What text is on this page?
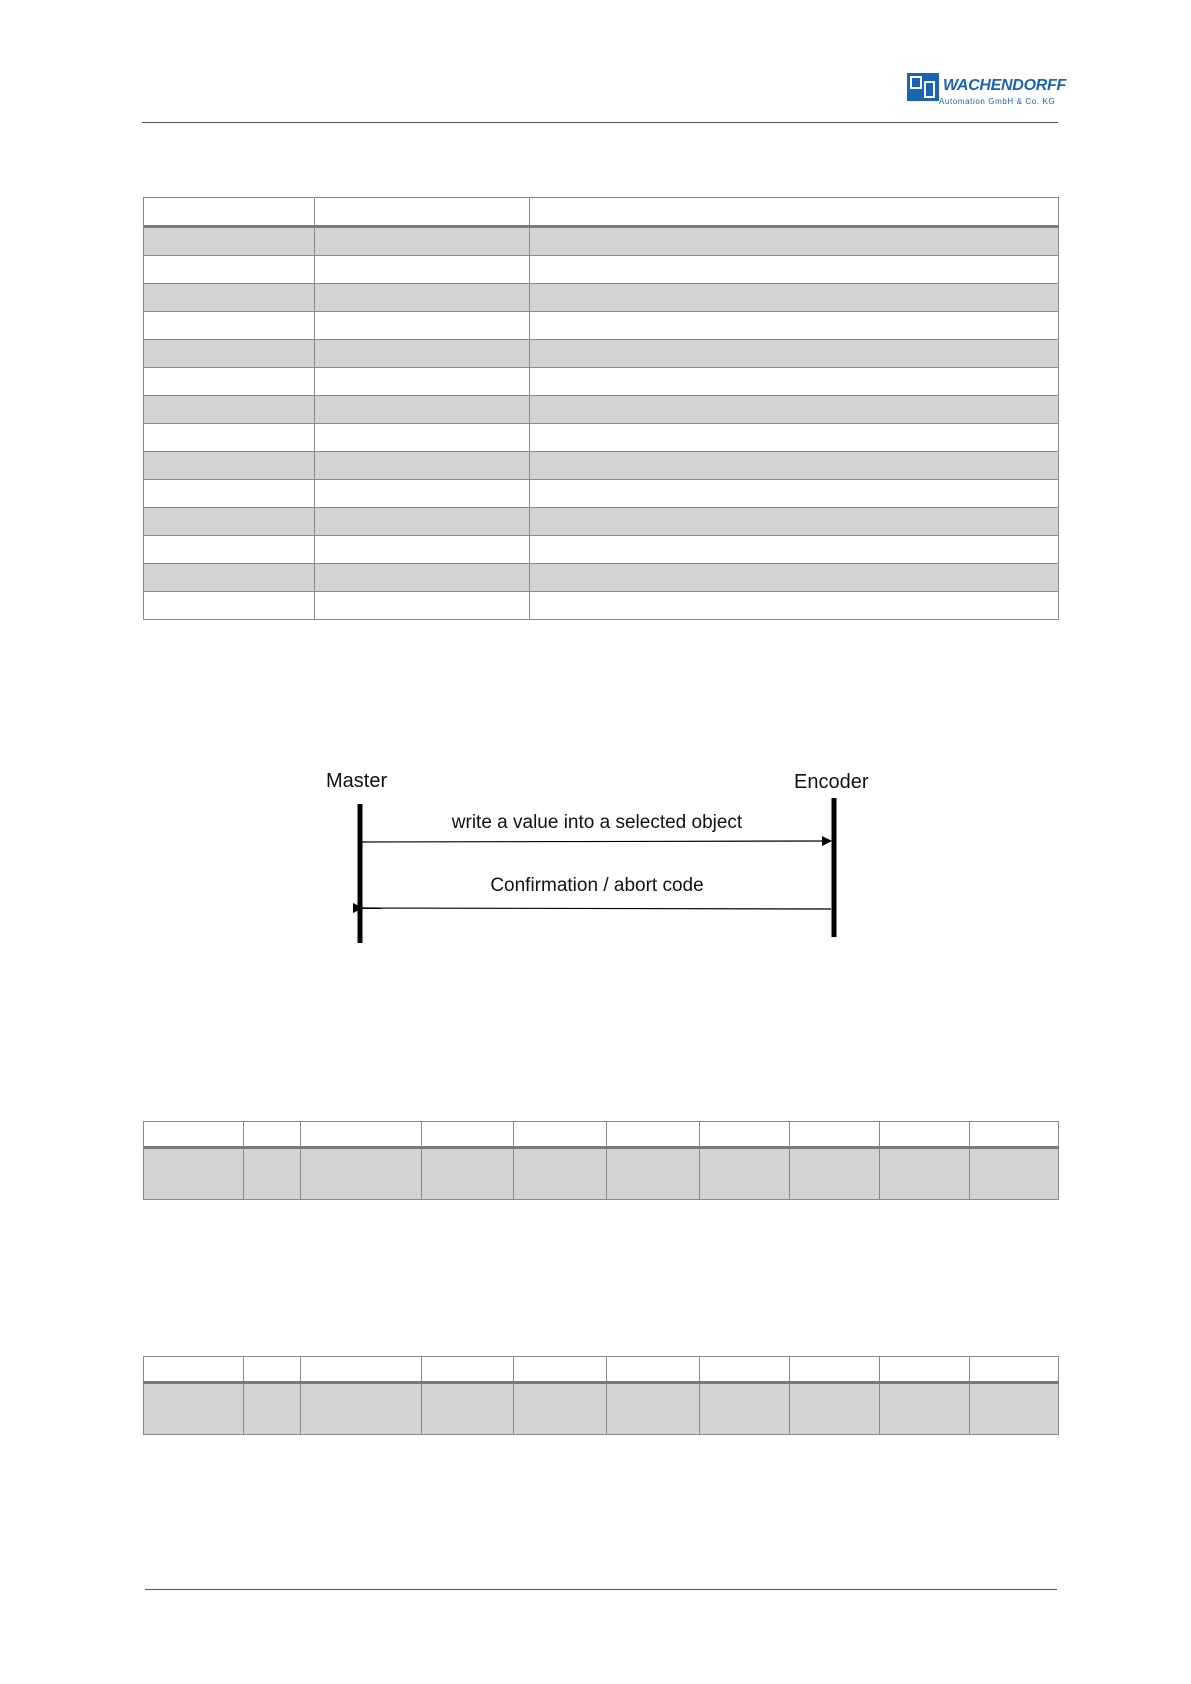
WACHENDORFF
Automation GmbH & Co. KG

Master	Encoder
write a value into a selected object
Confirmation / abort code
